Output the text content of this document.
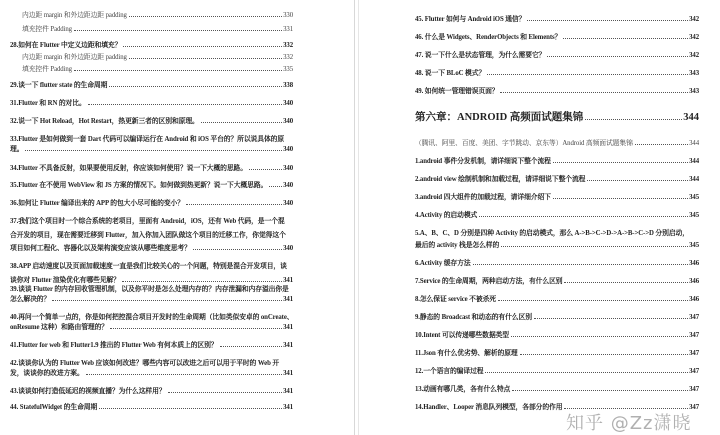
内边距 margin 和外边距边距 padding	330
填充控件 Padding	331
28.如何在 Flutter 中定义边距和填充？	332
内边距 margin 和外边距边距 padding	332
填充控件 Padding	335
29.谈一下 flutter state 的生命周期	338
31.Flutter 和 RN 的对比。	340
32.说一下 Hot Reload，Hot Restart，热更新三者的区别和原理。	340
33.Flutter 是如何做到一套 Dart 代码可以编译运行在 Android 和 iOS 平台的？所以说具体的原
理。	340
34.Flutter 不具备反射，如果要使用反射，你应该如何使用？说一下大概的思路。	340
35.Flutter 在不使用 WebView 和 JS 方案的情况下。如何做到热更新？说一下大概思路。 340
36.如何让 Flutter 编译出来的 APP 的包大小尽可能的变小？	340
37.我们这个项目时一个综合系统的老项目，里面有 Android，iOS，还有 Web 代码，是一个混
合开发的项目，现在需要迁移到 Flutter，加入你加入团队做这个项目的迁移工作，你觉得这个
项目如何工程化、容器化以及架构演变应该从哪些维度思考？	340
38.APP 启动速度以及页面加载速度一直是我们比较关心的一个问题，特别是混合开发项目，谈
谈你对 Flutter 渲染优化有哪些见解？	341
39.谈谈 Flutter 的内存回收管理机制，以及你平时是怎么处理内存的？内存泄漏和内存溢出你是
怎么解决的？	341
40.再问一个简单一点的，你是如何把控混合项目开发时的生命周期（比如类似安卓的 onCreate、
onResume 这种）和路由管理的？	341
41.Flutter for web 和 Flutter1.9 推出的 Flutter Web 有何本质上的区别？	341
42.谈谈你认为的 Flutter Web 应该如何改进？哪些内容可以改进之后可以用于平时的 Web 开
发，谈谈你的改进方案。	341
43.谈谈如何打造低延迟的视频直播？为什么这样用？	341
44. StatefulWidget 的生命周期	341
45. Flutter 如何与 Android iOS 通信？	342
46. 什么是 Widgets、RenderObjects 和 Elements？	342
47. 说一下什么是状态管理，为什么需要它？	342
48. 说一下 BLoC 模式？	343
49. 如何统一管理错误页面？	343
第六章：ANDROID 高频面试题集锦	344
（腾讯、阿里、百度、美团、字节跳动、京东等）Android 高频面试题集锦	344
1.android 事件分发机制，请详细说下整个流程	344
2.android view 绘制机制和加载过程，请详细说下整个流程	344
3.android 四大组件的加载过程，请详细介绍下	345
4.Activity 的启动模式	345
5.A、B、C、D 分别是四种 Activity 的启动模式，那么 A->B->C->D->A->B->C->D 分别启动，
最后的 activity 栈是怎么样的	345
6.Activity 缓存方法	346
7.Service 的生命周期，两种启动方法，有什么区别	346
8.怎么保证 service 不被杀死	346
9.静态的 Broadcast 和动态的有什么区别	347
10.Intent 可以传递哪些数据类型	347
11.Json 有什么优劣势、解析的原理	347
12.一个语言的编译过程	347
13.动画有哪几类，各有什么特点	347
14.Handler、Looper 消息队列模型，各部分的作用	347
知乎 @Zz潇晓
